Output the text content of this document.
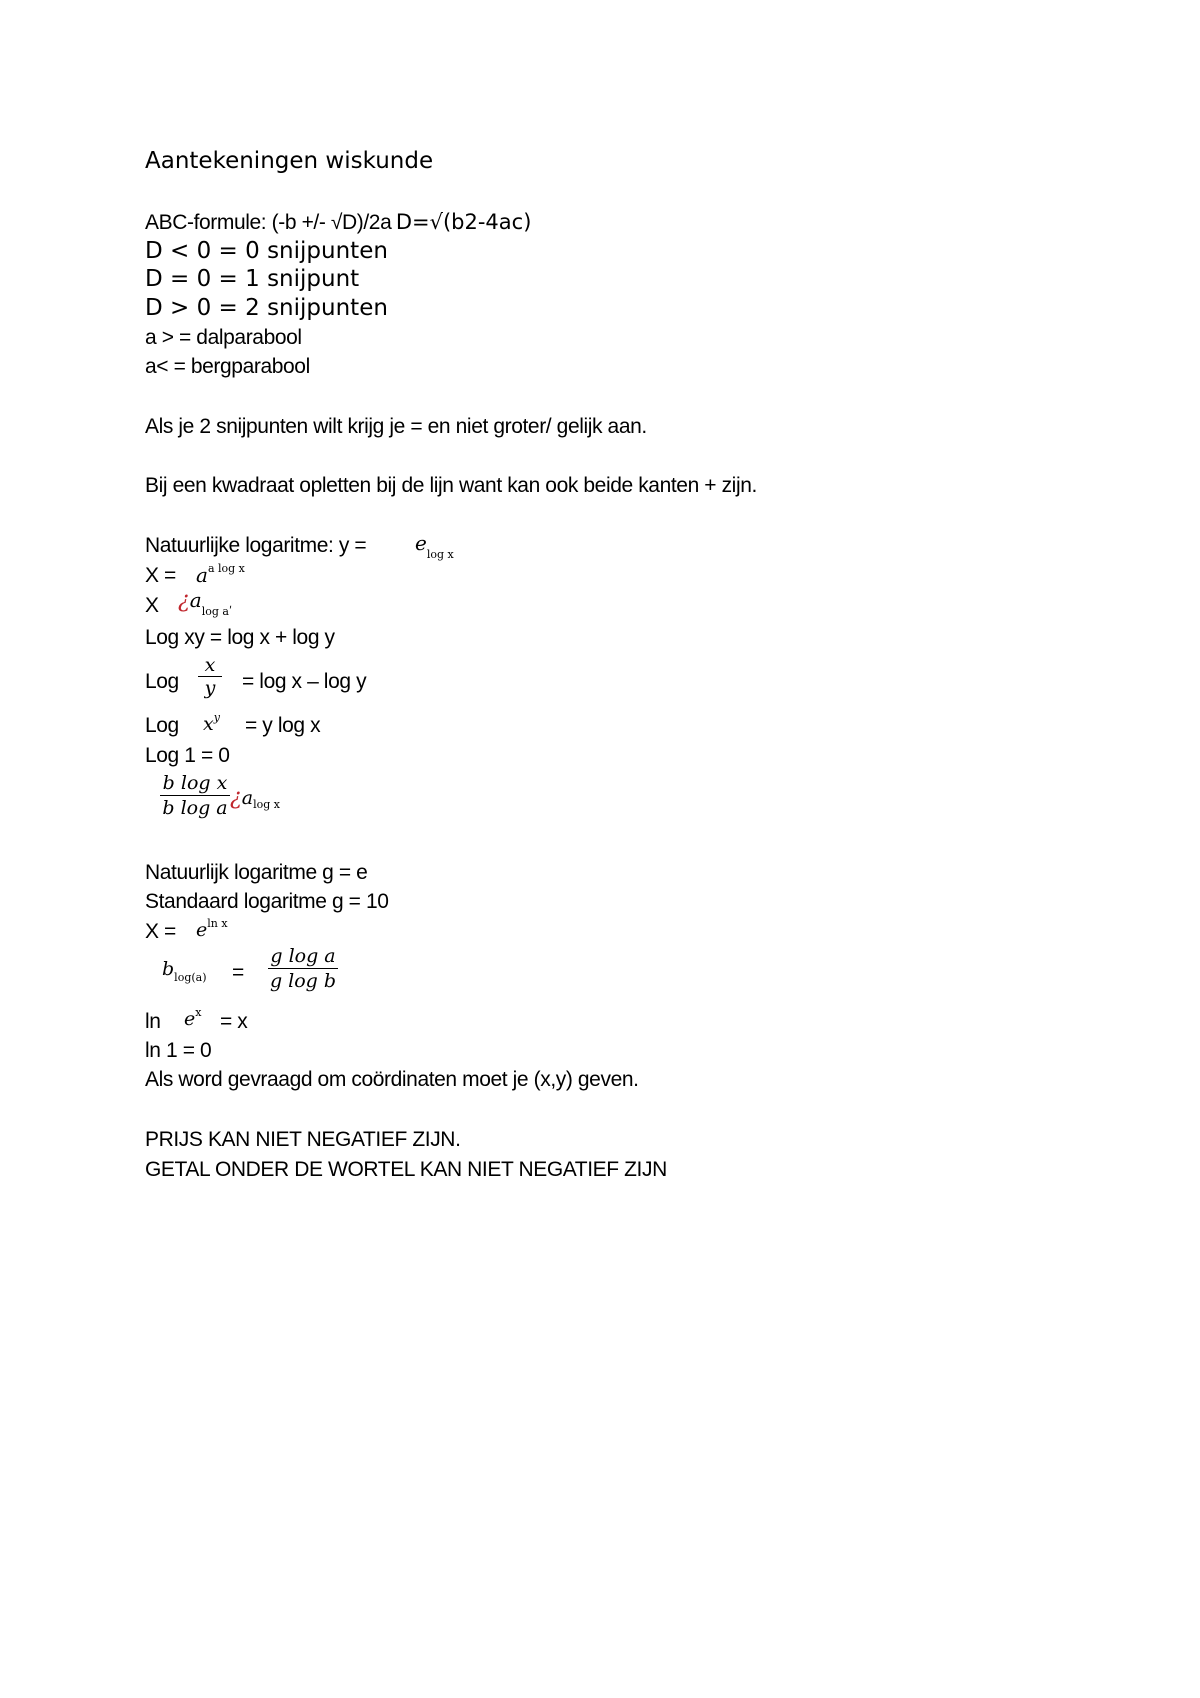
Aantekeningen wiskunde
ABC-formule: (-b +/- √D)/2a D=√(b2-4ac)
D < 0 = 0 snijpunten
D = 0 = 1 snijpunt
D > 0 = 2 snijpunten
a > = dalparabool
a< = bergparabool
Als je 2 snijpunten wilt krijg je = en niet groter/ gelijk aan.
Bij een kwadraat opletten bij de lijn want kan ook beide kanten + zijn.
Natuurlijke logaritme: $y = e_{log x}$
$X = a^{a log x}$
X ¿$a_{log aʹ}$
Log xy = log x + log y
Log
x
y	= log x – log y
Log $x^y = y$ log x
Log 1 = 0
b log x
b log a ¿$a_{log x}$
Natuurlijk logaritme g = e
Standaard logaritme g = 10
$X = e^{ln x}$
$b_{log(a)}$ =
g log a
g log b
$\ln e^x = x$
ln 1 = 0
Als word gevraagd om coördinaten moet je (x,y) geven.
PRIJS KAN NIET NEGATIEF ZIJN.
GETAL ONDER DE WORTEL KAN NIET NEGATIEF ZIJN
